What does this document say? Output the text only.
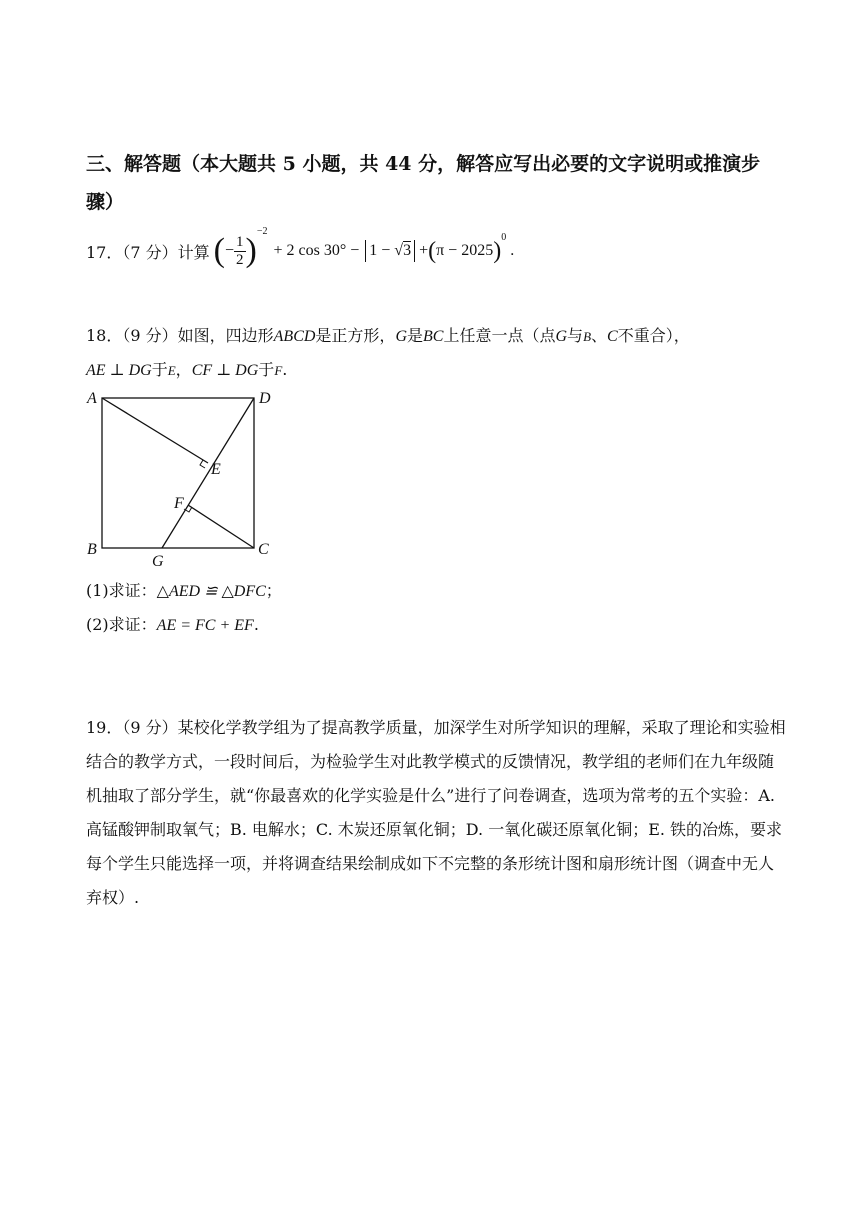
三、解答题（本大题共 5 小题，共 44 分，解答应写出必要的文字说明或推演步
骤）
17．（7 分）计算 ( − $\frac{1}{2}$ )
−2
+ 2 cos 30° − 1 − √3 + ( π − 2025 ) 0
.
18．（9 分）如图，四边形ABCD是正方形，G是BC上任意一点（点G与B、C不重合），
AE ⊥ DG于E，CF ⊥ DG于F.
A	D
B	C
G
E
F
(1)求证：△AED ≌ △DFC；
(2)求证：AE = FC + EF.
19．（9 分）某校化学教学组为了提高教学质量，加深学生对所学知识的理解，采取了理论和实验相结合的教学方式，一段时间后，为检验学生对此教学模式的反馈情况，教学组的老师们在九年级随机抽取了部分学生，就“你最喜欢的化学实验是什么”进行了问卷调查，选项为常考的五个实验：A. 高锰酸钾制取氧气；B. 电解水；C. 木炭还原氧化铜；D. 一氧化碳还原氧化铜；E. 铁的冶炼，要求每个学生只能选择一项，并将调查结果绘制成如下不完整的条形统计图和扇形统计图（调查中无人弃权）.
